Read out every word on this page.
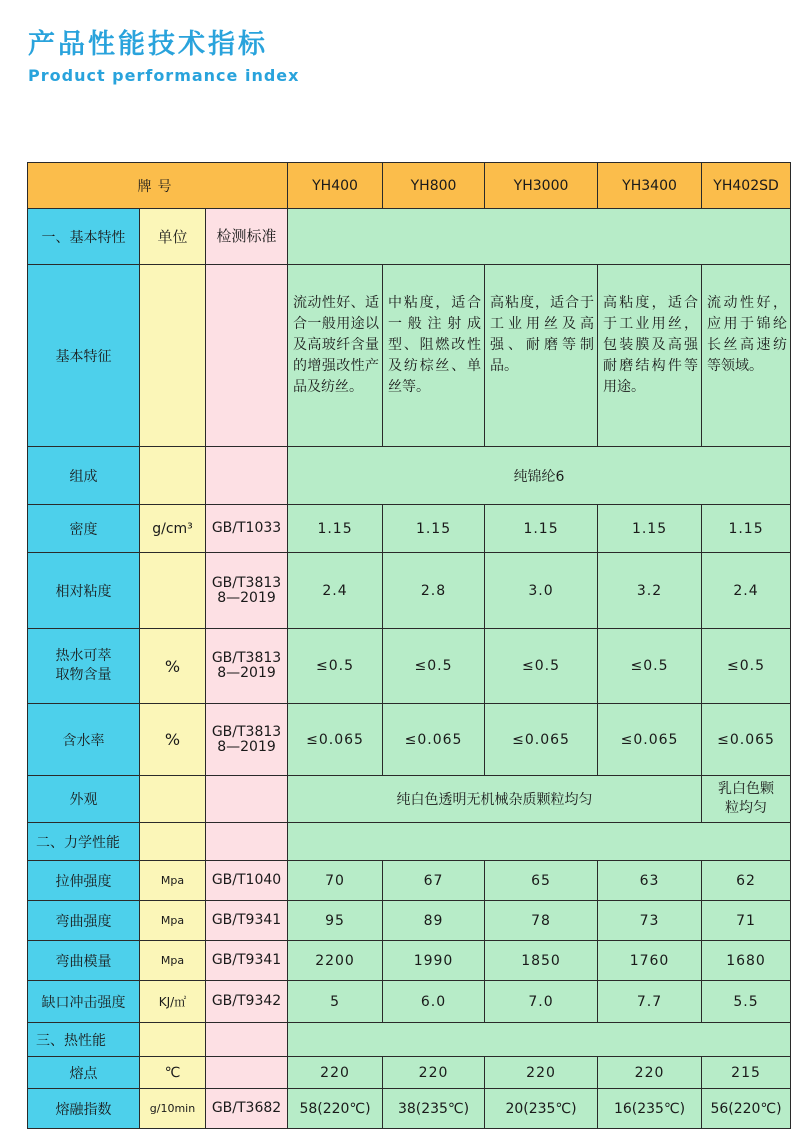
产品性能技术指标
Product performance index
牌号			YH400	YH800	YH3000	YH3400	YH402SD
一、基本特性	单位	检测标准					
基本特征			流动性好、适合一般用途以及高玻纤含量的增强改性产品及纺丝。	中粘度，适合一般注射成型、阻燃改性及纺棕丝、单丝等。	高粘度，适合于工业用丝及高强、耐磨等制品。	高粘度，适合于工业用丝，包装膜及高强耐磨结构件等用途。	流动性好，应用于锦纶长丝高速纺等领域。
组成			纯锦纶6				
密度	g/cm³	GB/T1033	1.15	1.15	1.15	1.15	1.15
相对粘度		GB/T3813
8—2019	2.4	2.8	3.0	3.2	2.4
热水可萃
取物含量	%	GB/T3813
8—2019	≤0.5	≤0.5	≤0.5	≤0.5	≤0.5
含水率	%	GB/T3813
8—2019	≤0.065	≤0.065	≤0.065	≤0.065	≤0.065
外观			纯白色透明无机械杂质颗粒均匀				乳白色颗
粒均匀
二、力学性能							
拉伸强度	Mpa	GB/T1040	70	67	65	63	62
弯曲强度	Mpa	GB/T9341	95	89	78	73	71
弯曲模量	Mpa	GB/T9341	2200	1990	1850	1760	1680
缺口冲击强度	KJ/㎡	GB/T9342	5	6.0	7.0	7.7	5.5
三、热性能							
熔点	℃		220	220	220	220	215
熔融指数	g/10min	GB/T3682	58(220℃)	38(235℃)	20(235℃)	16(235℃)	56(220℃)
